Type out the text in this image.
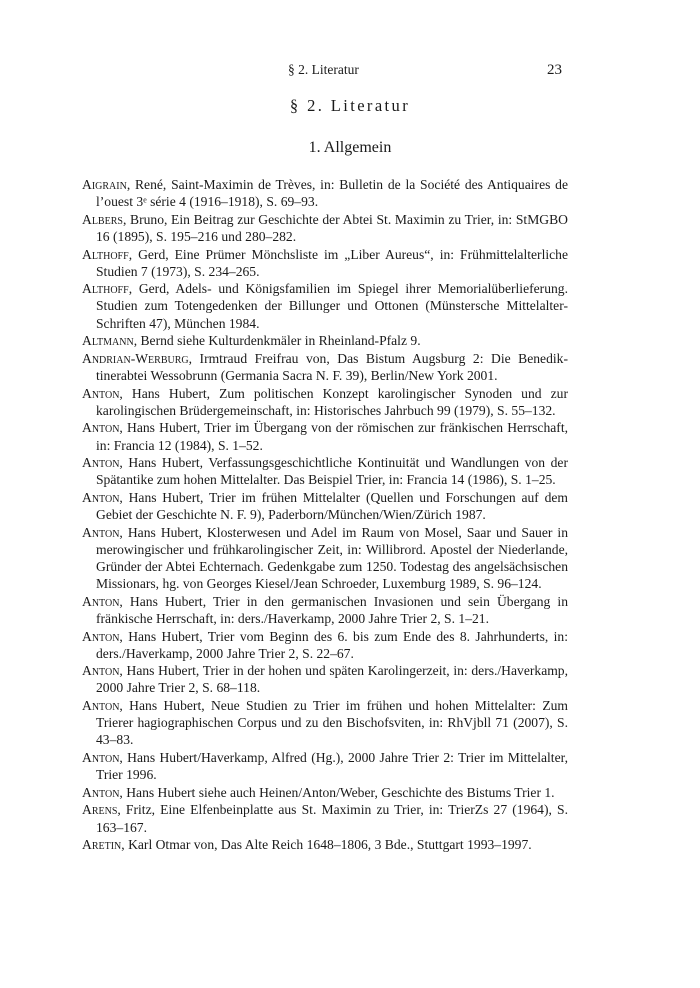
§ 2. Literatur	23
§ 2. Literatur
1. Allgemein

Aigrain, René, Saint-Maximin de Trèves, in: Bulletin de la Société des Antiquaires de l’ouest 3ᵉ série 4 (1916–1918), S. 69–93.

Albers, Bruno, Ein Beitrag zur Geschichte der Abtei St. Maximin zu Trier, in: StMGBO 16 (1895), S. 195–216 und 280–282.

Althoff, Gerd, Eine Prümer Mönchsliste im „Liber Aureus“, in: Frühmittelalterliche Studien 7 (1973), S. 234–265.

Althoff, Gerd, Adels- und Königsfamilien im Spiegel ihrer Memorialüberlieferung. Studien zum Totengedenken der Billunger und Ottonen (Münstersche Mittelalter-Schriften 47), München 1984.

Altmann, Bernd siehe Kulturdenkmäler in Rheinland-Pfalz 9.

Andrian-Werburg, Irmtraud Freifrau von, Das Bistum Augsburg 2: Die Benediktinerabtei Wessobrunn (Germania Sacra N. F. 39), Berlin/New York 2001.

Anton, Hans Hubert, Zum politischen Konzept karolingischer Synoden und zur karolingischen Brüdergemeinschaft, in: Historisches Jahrbuch 99 (1979), S. 55–132.

Anton, Hans Hubert, Trier im Übergang von der römischen zur fränkischen Herrschaft, in: Francia 12 (1984), S. 1–52.

Anton, Hans Hubert, Verfassungsgeschichtliche Kontinuität und Wandlungen von der Spätantike zum hohen Mittelalter. Das Beispiel Trier, in: Francia 14 (1986), S. 1–25.

Anton, Hans Hubert, Trier im frühen Mittelalter (Quellen und Forschungen auf dem Gebiet der Geschichte N. F. 9), Paderborn/München/Wien/Zürich 1987.

Anton, Hans Hubert, Klosterwesen und Adel im Raum von Mosel, Saar und Sauer in merowingischer und frühkarolingischer Zeit, in: Willibrord. Apostel der Niederlande, Gründer der Abtei Echternach. Gedenkgabe zum 1250. Todestag des angelsächsischen Missionars, hg. von Georges Kiesel/Jean Schroeder, Luxemburg 1989, S. 96–124.

Anton, Hans Hubert, Trier in den germanischen Invasionen und sein Übergang in fränkische Herrschaft, in: ders./Haverkamp, 2000 Jahre Trier 2, S. 1–21.

Anton, Hans Hubert, Trier vom Beginn des 6. bis zum Ende des 8. Jahrhunderts, in: ders./Haverkamp, 2000 Jahre Trier 2, S. 22–67.

Anton, Hans Hubert, Trier in der hohen und späten Karolingerzeit, in: ders./Haverkamp, 2000 Jahre Trier 2, S. 68–118.

Anton, Hans Hubert, Neue Studien zu Trier im frühen und hohen Mittelalter: Zum Trierer hagiographischen Corpus und zu den Bischofsviten, in: RhVjbll 71 (2007), S. 43–83.

Anton, Hans Hubert/Haverkamp, Alfred (Hg.), 2000 Jahre Trier 2: Trier im Mittelalter, Trier 1996.

Anton, Hans Hubert siehe auch Heinen/Anton/Weber, Geschichte des Bistums Trier 1.

Arens, Fritz, Eine Elfenbeinplatte aus St. Maximin zu Trier, in: TrierZs 27 (1964), S. 163–167.

Aretin, Karl Otmar von, Das Alte Reich 1648–1806, 3 Bde., Stuttgart 1993–1997.
